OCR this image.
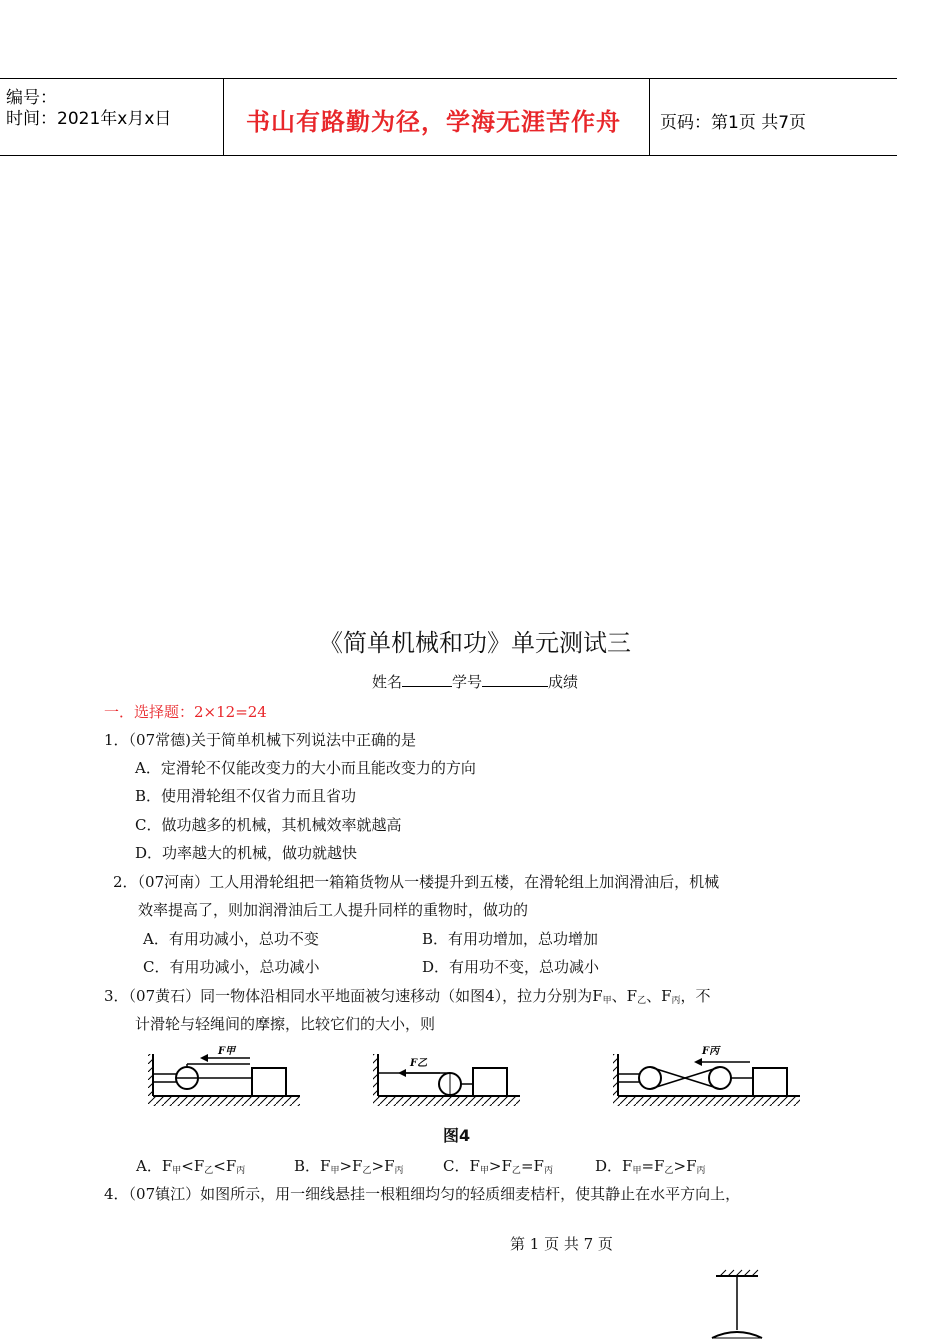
编号：
时间：2021年x月x日	书山有路勤为径，学海无涯苦作舟 页码：第1页 共7页
《简单机械和功》单元测试三
姓名	学号	成绩
一．选择题：2×12=24
1．（07常德)关于简单机械下列说法中正确的是
A．定滑轮不仅能改变力的大小而且能改变力的方向
B．使用滑轮组不仅省力而且省功
C．做功越多的机械，其机械效率就越高
D．功率越大的机械，做功就越快
2．（07河南）工人用滑轮组把一箱箱货物从一楼提升到五楼，在滑轮组上加润滑油后，机械
效率提高了，则加润滑油后工人提升同样的重物时，做功的
A．有用功减小，总功不变	B．有用功增加，总功增加
C．有用功减小，总功减小	D．有用功不变，总功减小
3．（07黄石）同一物体沿相同水平地面被匀速移动（如图4），拉力分别为$F_甲$、$F_乙$、$F_丙$，不
计滑轮与轻绳间的摩擦，比较它们的大小，则
F甲
F乙
F丙
图4
A．$F_甲<F_乙<F_丙$	B．$F_甲>F_乙>F_丙$	C．$F_甲>F_乙=F_丙$	D．$F_甲=F_乙>F_丙$
4．（07镇江）如图所示，用一细线悬挂一根粗细均匀的轻质细麦桔杆，使其静止在水平方向上，
第 1 页 共 7 页
